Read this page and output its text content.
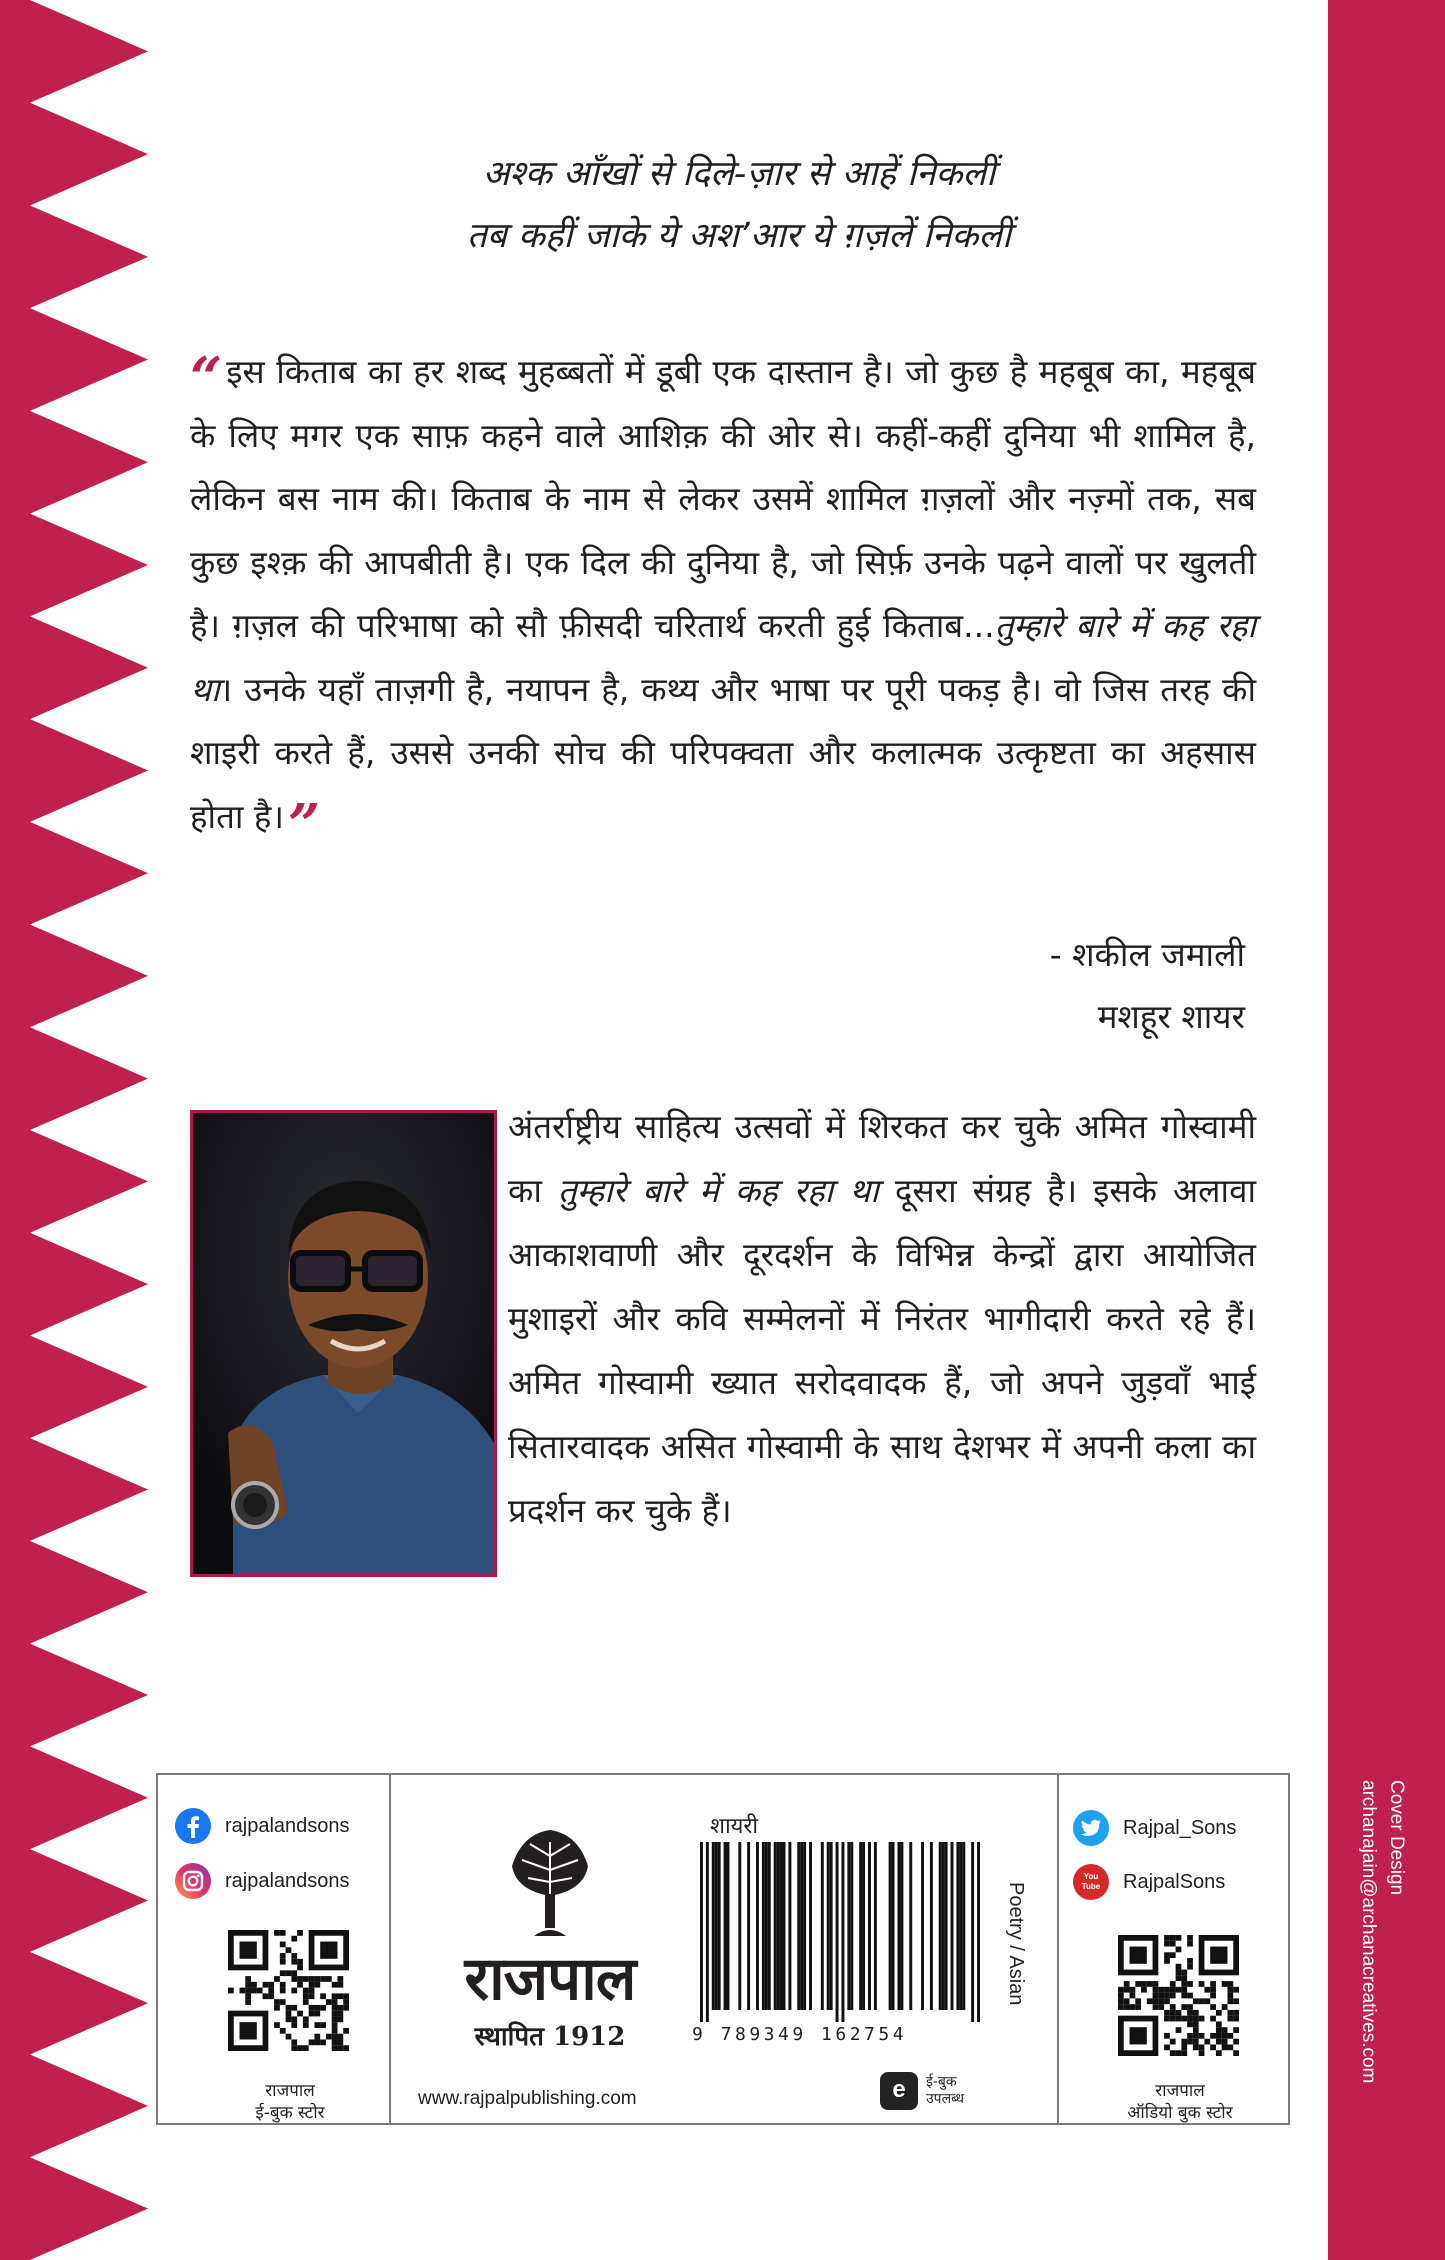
Cover Design
archanajain@archanacreatives.com
अश्क आँखों से दिले-ज़ार से आहें निकलीं
तब कहीं जाके ये अश’आर ये ग़ज़लें निकलीं
“ इस किताब का हर शब्द मुहब्बतों में डूबी एक दास्तान है। जो कुछ है महबूब का, महबूब के लिए मगर एक साफ़ कहने वाले आशिक़ की ओर से। कहीं-कहीं दुनिया भी शामिल है, लेकिन बस नाम की। किताब के नाम से लेकर उसमें शामिल ग़ज़लों और नज़्मों तक, सब कुछ इश्क़ की आपबीती है। एक दिल की दुनिया है, जो सिर्फ़ उनके पढ़ने वालों पर खुलती है। ग़ज़ल की परिभाषा को सौ फ़ीसदी चरितार्थ करती हुई किताब...तुम्हारे बारे में कह रहा था। उनके यहाँ ताज़गी है, नयापन है, कथ्य और भाषा पर पूरी पकड़ है। वो जिस तरह की शाइरी करते हैं, उससे उनकी सोच की परिपक्वता और कलात्मक उत्कृष्टता का अहसास होता है।”
- शकील जमाली
मशहूर शायर
अंतर्राष्ट्रीय साहित्य उत्सवों में शिरकत कर चुके अमित गोस्वामी का तुम्हारे बारे में कह रहा था दूसरा संग्रह है। इसके अलावा आकाशवाणी और दूरदर्शन के विभिन्न केन्द्रों द्वारा आयोजित मुशाइरों और कवि सम्मेलनों में निरंतर भागीदारी करते रहे हैं। अमित गोस्वामी ख्यात सरोदवादक हैं, जो अपने जुड़वाँ भाई सितारवादक असित गोस्वामी के साथ देशभर में अपनी कला का प्रदर्शन कर चुके हैं।
rajpalandsons
rajpalandsons
राजपाल
ई-बुक स्टोर
राजपाल
स्थापित 1912
www.rajpalpublishing.com
शायरी
9 789349 162754
Poetry / Asian
e	ई-बुक
उपलब्ध
Rajpal_Sons
You
Tube RajpalSons
राजपाल
ऑडियो बुक स्टोर
